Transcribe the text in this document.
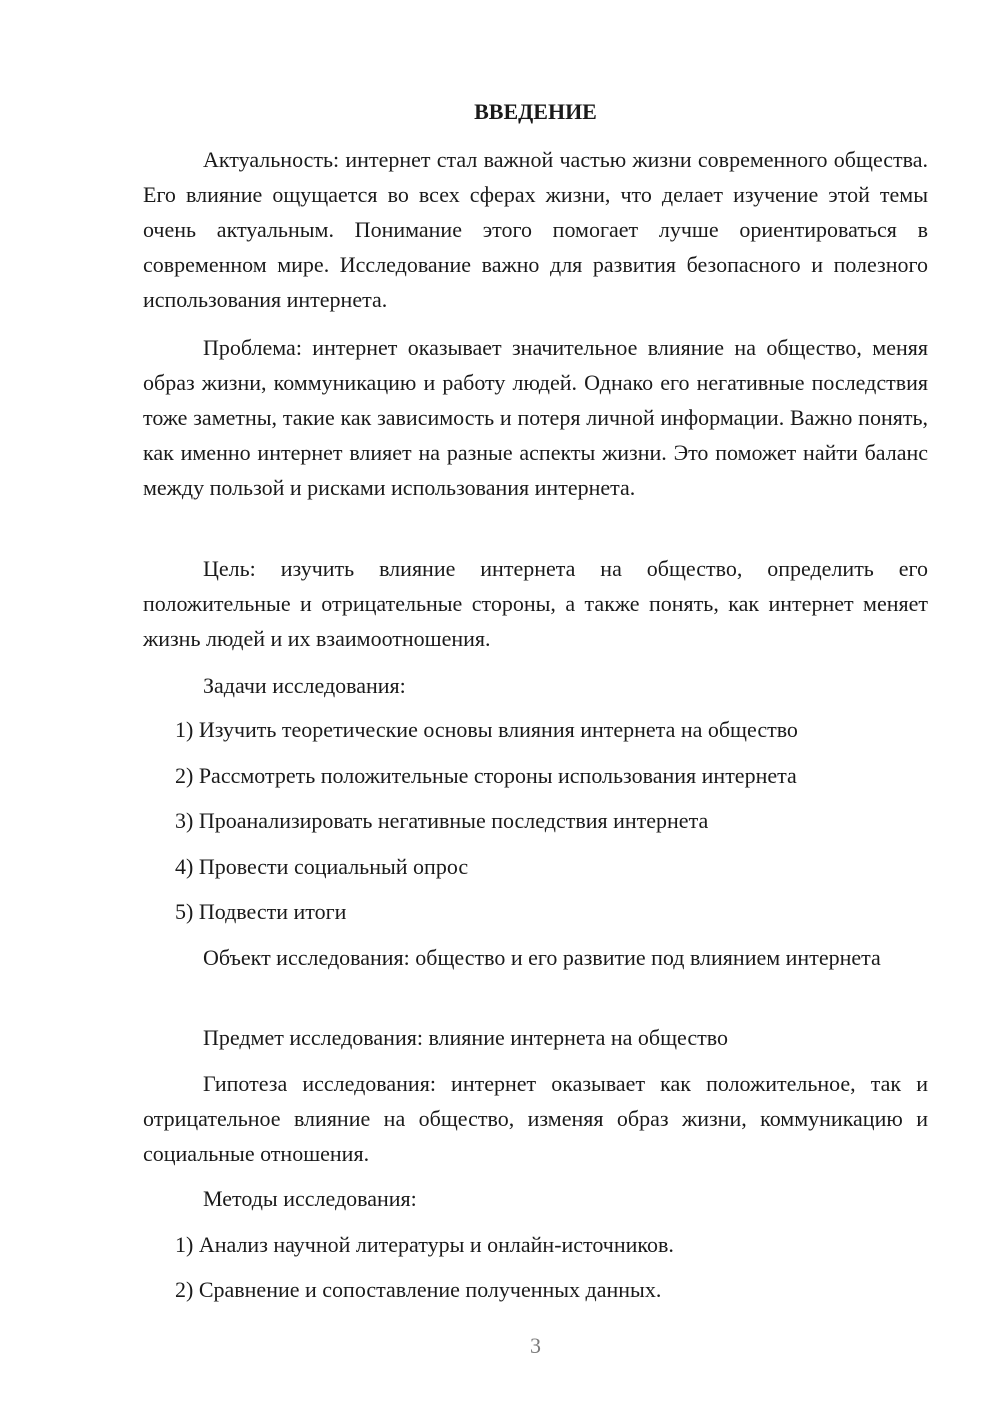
ВВЕДЕНИЕ

Актуальность: интернет стал важной частью жизни современного общества. Его влияние ощущается во всех сферах жизни, что делает изучение этой темы очень актуальным. Понимание этого помогает лучше ориентироваться в современном мире. Исследование важно для развития безопасного и полезного использования интернета.

Проблема: интернет оказывает значительное влияние на общество, меняя образ жизни, коммуникацию и работу людей. Однако его негативные последствия тоже заметны, такие как зависимость и потеря личной информации. Важно понять, как именно интернет влияет на разные аспекты жизни. Это поможет найти баланс между пользой и рисками использования интернета.

Цель: изучить влияние интернета на общество, определить его положительные и отрицательные стороны, а также понять, как интернет меняет жизнь людей и их взаимоотношения.

Задачи исследования:

1) Изучить теоретические основы влияния интернета на общество

2) Рассмотреть положительные стороны использования интернета

3) Проанализировать негативные последствия интернета

4) Провести социальный опрос

5) Подвести итоги

Объект исследования: общество и его развитие под влиянием интернета

Предмет исследования: влияние интернета на общество

Гипотеза исследования: интернет оказывает как положительное, так и отрицательное влияние на общество, изменяя образ жизни, коммуникацию и социальные отношения.

Методы исследования:

1) Анализ научной литературы и онлайн-источников.

2) Сравнение и сопоставление полученных данных.

3
